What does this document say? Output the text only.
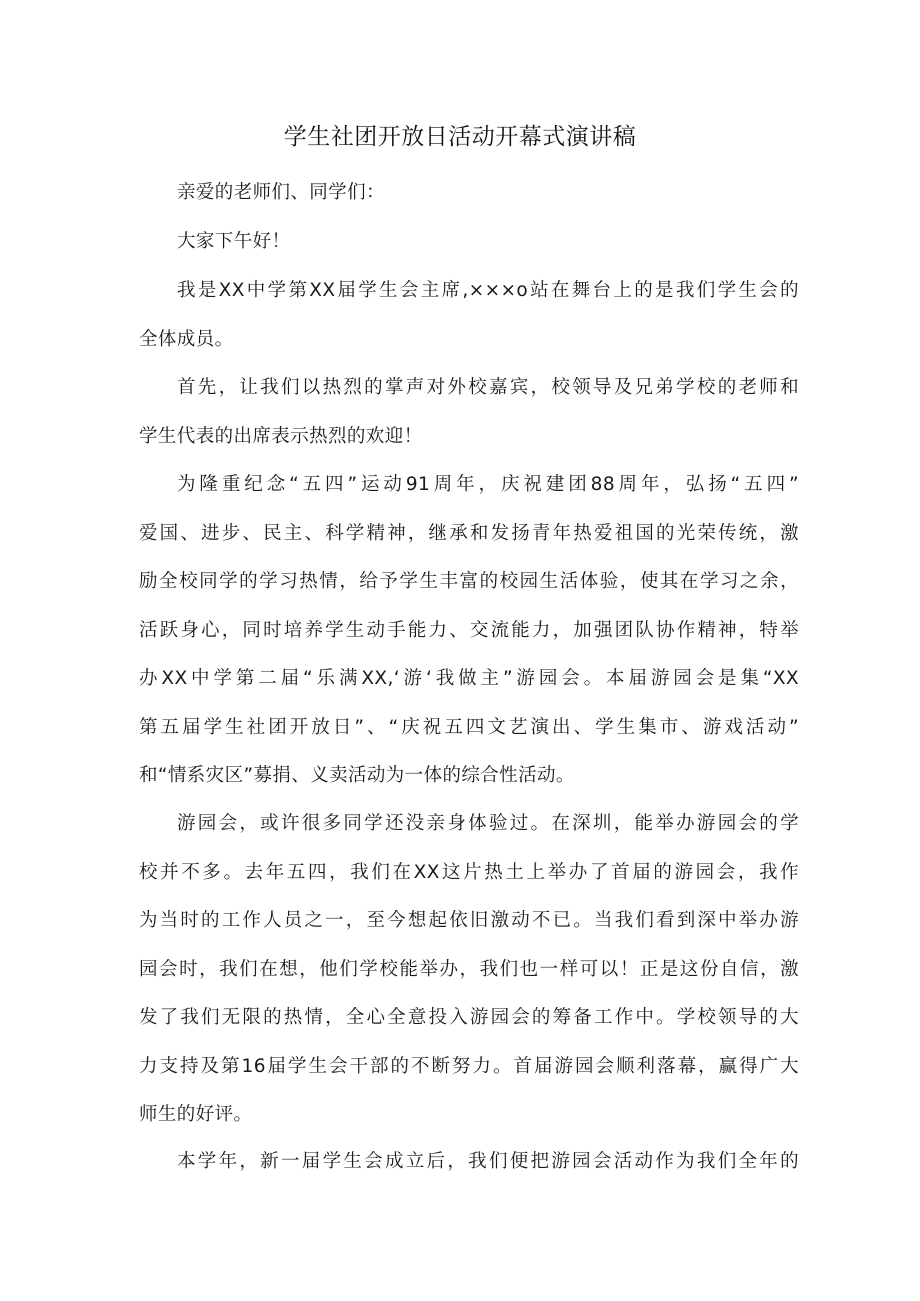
学生社团开放日活动开幕式演讲稿
亲爱的老师们、同学们：
大家下午好！
我是XX中学第XX届学生会主席,×××o站在舞台上的是我们学生会的
全体成员。
首先，让我们以热烈的掌声对外校嘉宾，校领导及兄弟学校的老师和
学生代表的出席表示热烈的欢迎！
为隆重纪念“五四”运动91周年，庆祝建团88周年，弘扬“五四”
爱国、进步、民主、科学精神，继承和发扬青年热爱祖国的光荣传统，激
励全校同学的学习热情，给予学生丰富的校园生活体验，使其在学习之余，
活跃身心，同时培养学生动手能力、交流能力，加强团队协作精神，特举
办XX中学第二届“乐满XX,‘游‘我做主”游园会。本届游园会是集“XX
第五届学生社团开放日”、“庆祝五四文艺演出、学生集市、游戏活动”
和“情系灾区”募捐、义卖活动为一体的综合性活动。
游园会，或许很多同学还没亲身体验过。在深圳，能举办游园会的学
校并不多。去年五四，我们在XX这片热土上举办了首届的游园会，我作
为当时的工作人员之一，至今想起依旧激动不已。当我们看到深中举办游
园会时，我们在想，他们学校能举办，我们也一样可以！正是这份自信，激
发了我们无限的热情，全心全意投入游园会的筹备工作中。学校领导的大
力支持及第16届学生会干部的不断努力。首届游园会顺利落幕，赢得广大
师生的好评。
本学年，新一届学生会成立后，我们便把游园会活动作为我们全年的
